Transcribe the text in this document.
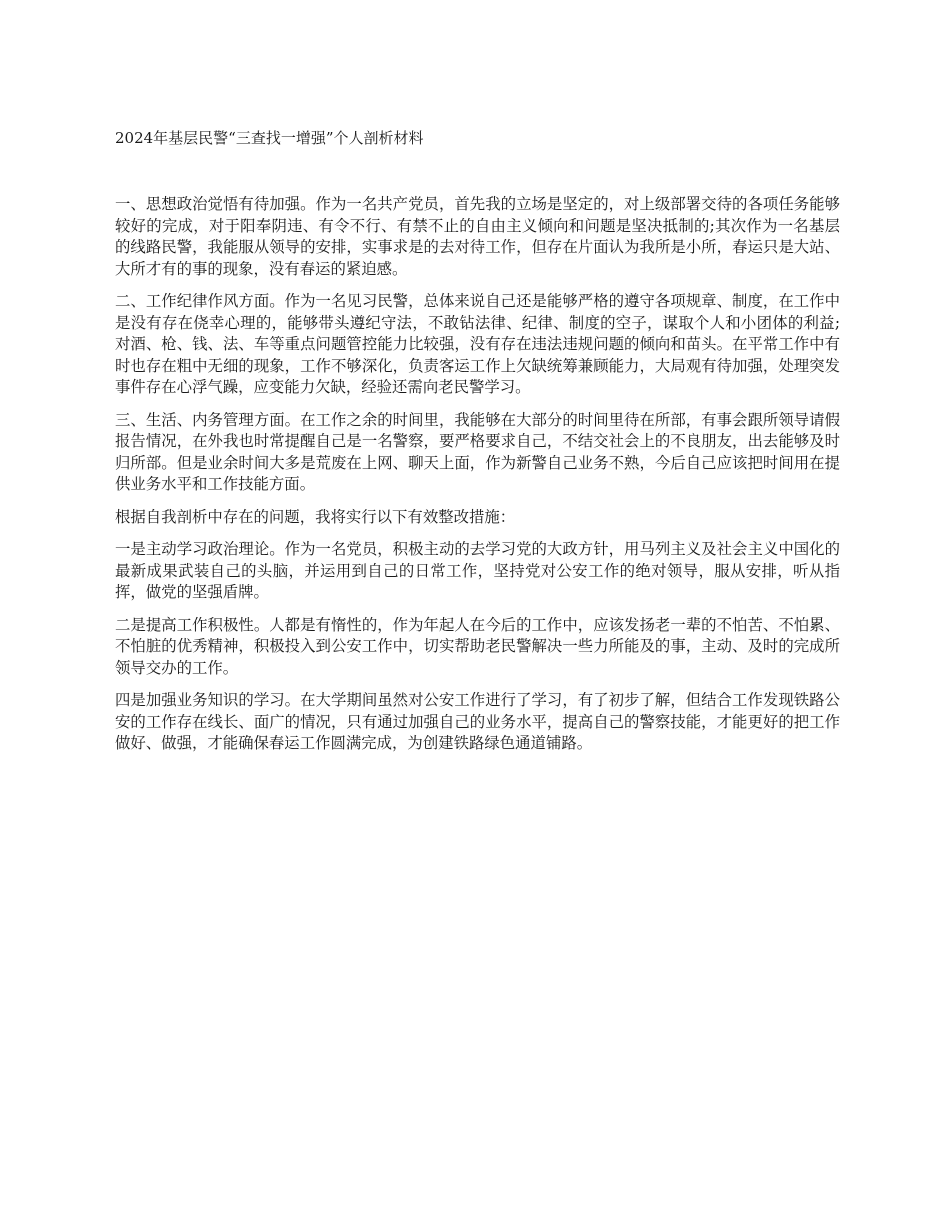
2024年基层民警“三查找一增强”个人剖析材料

一、思想政治觉悟有待加强。作为一名共产党员，首先我的立场是坚定的，对上级部署交待的各项任务能够较好的完成，对于阳奉阴违、有令不行、有禁不止的自由主义倾向和问题是坚决抵制的;其次作为一名基层的线路民警，我能服从领导的安排，实事求是的去对待工作，但存在片面认为我所是小所，春运只是大站、大所才有的事的现象，没有春运的紧迫感。

二、工作纪律作风方面。作为一名见习民警，总体来说自己还是能够严格的遵守各项规章、制度，在工作中是没有存在侥幸心理的，能够带头遵纪守法，不敢钻法律、纪律、制度的空子，谋取个人和小团体的利益;对酒、枪、钱、法、车等重点问题管控能力比较强，没有存在违法违规问题的倾向和苗头。在平常工作中有时也存在粗中无细的现象，工作不够深化，负责客运工作上欠缺统筹兼顾能力，大局观有待加强，处理突发事件存在心浮气躁，应变能力欠缺，经验还需向老民警学习。

三、生活、内务管理方面。在工作之余的时间里，我能够在大部分的时间里待在所部，有事会跟所领导请假报告情况，在外我也时常提醒自己是一名警察，要严格要求自己，不结交社会上的不良朋友，出去能够及时归所部。但是业余时间大多是荒废在上网、聊天上面，作为新警自己业务不熟，今后自己应该把时间用在提供业务水平和工作技能方面。

根据自我剖析中存在的问题，我将实行以下有效整改措施：

一是主动学习政治理论。作为一名党员，积极主动的去学习党的大政方针，用马列主义及社会主义中国化的最新成果武装自己的头脑，并运用到自己的日常工作，坚持党对公安工作的绝对领导，服从安排，听从指挥，做党的坚强盾牌。

二是提高工作积极性。人都是有惰性的，作为年起人在今后的工作中，应该发扬老一辈的不怕苦、不怕累、不怕脏的优秀精神，积极投入到公安工作中，切实帮助老民警解决一些力所能及的事，主动、及时的完成所领导交办的工作。

四是加强业务知识的学习。在大学期间虽然对公安工作进行了学习，有了初步了解，但结合工作发现铁路公安的工作存在线长、面广的情况，只有通过加强自己的业务水平，提高自己的警察技能，才能更好的把工作做好、做强，才能确保春运工作圆满完成，为创建铁路绿色通道铺路。
